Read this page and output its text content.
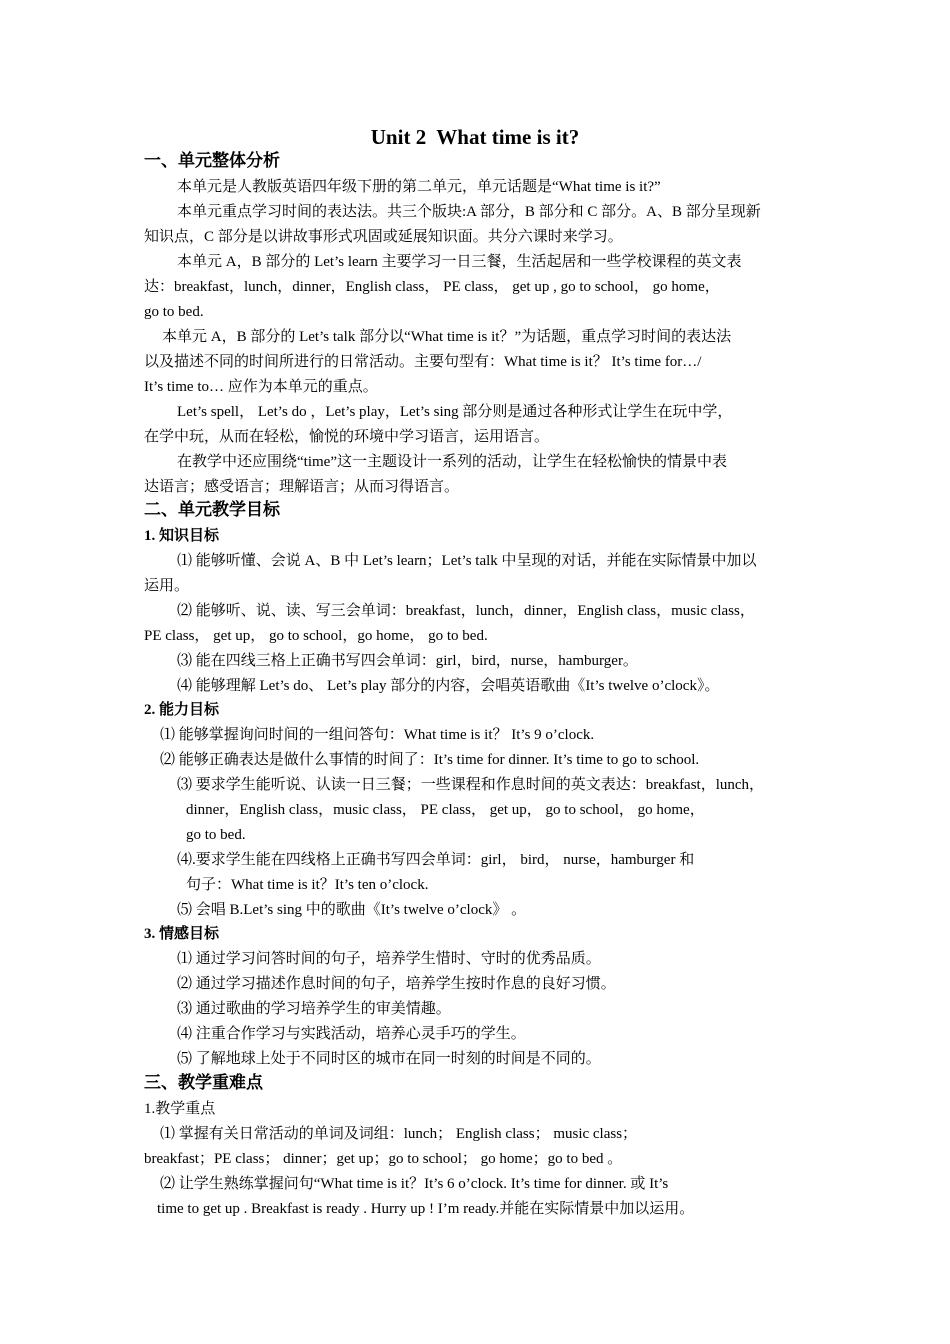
Unit 2  What time is it?
一、单元整体分析
本单元是人教版英语四年级下册的第二单元，单元话题是“What time is it?”
本单元重点学习时间的表达法。共三个版块:A 部分，B 部分和 C 部分。A、B 部分呈现新
知识点，C 部分是以讲故事形式巩固或延展知识面。共分六课时来学习。
本单元 A，B 部分的 Let’s learn 主要学习一日三餐，生活起居和一些学校课程的英文表
达：breakfast，lunch，dinner，English class， PE class， get up , go to school， go home，
go to bed.
本单元 A，B 部分的 Let’s talk 部分以“What time is it？”为话题，重点学习时间的表达法
以及描述不同的时间所进行的日常活动。主要句型有：What time is it？ It’s time for…/
It’s time to… 应作为本单元的重点。
Let’s spell， Let’s do ，Let’s play，Let’s sing 部分则是通过各种形式让学生在玩中学，
在学中玩，从而在轻松，愉悦的环境中学习语言，运用语言。
在教学中还应围绕“time”这一主题设计一系列的活动，让学生在轻松愉快的情景中表
达语言；感受语言；理解语言；从而习得语言。
二、单元教学目标
1. 知识目标
⑴ 能够听懂、会说 A、B 中 Let’s learn；Let’s talk 中呈现的对话，并能在实际情景中加以
运用。
⑵ 能够听、说、读、写三会单词：breakfast，lunch，dinner，English class，music class，
PE class， get up， go to school，go home， go to bed.
⑶ 能在四线三格上正确书写四会单词：girl，bird，nurse，hamburger。
⑷ 能够理解 Let’s do、 Let’s play 部分的内容，会唱英语歌曲《It’s twelve o’clock》。
2. 能力目标
⑴ 能够掌握询问时间的一组问答句：What time is it？ It’s 9 o’clock.
⑵ 能够正确表达是做什么事情的时间了：It’s time for dinner. It’s time to go to school.
⑶ 要求学生能听说、认读一日三餐；一些课程和作息时间的英文表达：breakfast，lunch，
dinner，English class，music class， PE class， get up， go to school， go home，
go to bed.
⑷.要求学生能在四线格上正确书写四会单词：girl， bird， nurse，hamburger 和
句子：What time is it？It’s ten o’clock.
⑸ 会唱 B.Let’s sing 中的歌曲《It’s twelve o’clock》 。
3. 情感目标
⑴ 通过学习问答时间的句子，培养学生惜时、守时的优秀品质。
⑵ 通过学习描述作息时间的句子，培养学生按时作息的良好习惯。
⑶ 通过歌曲的学习培养学生的审美情趣。
⑷ 注重合作学习与实践活动，培养心灵手巧的学生。
⑸ 了解地球上处于不同时区的城市在同一时刻的时间是不同的。
三、教学重难点
1.教学重点
⑴ 掌握有关日常活动的单词及词组：lunch； English class； music class；
breakfast；PE class； dinner；get up；go to school； go home；go to bed 。
⑵ 让学生熟练掌握问句“What time is it？It’s 6 o’clock. It’s time for dinner. 或 It’s
time to get up . Breakfast is ready . Hurry up ! I’m ready.并能在实际情景中加以运用。
